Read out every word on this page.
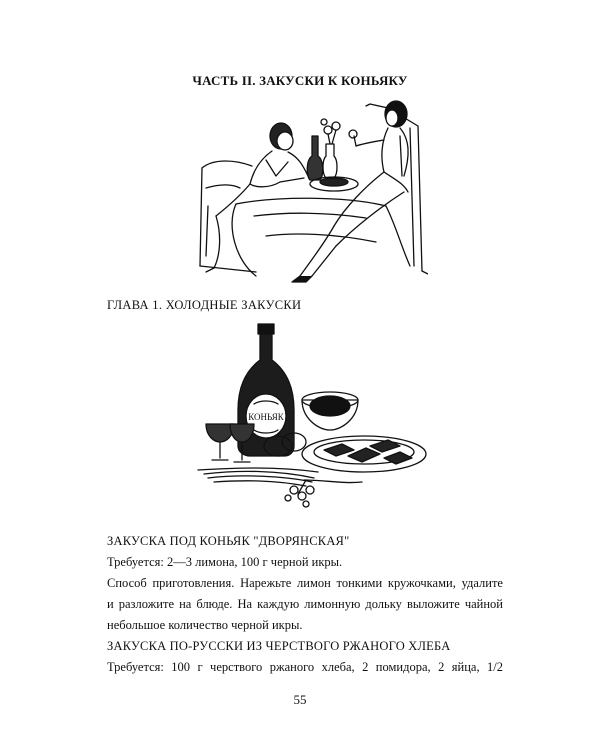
ЧАСТЬ II. ЗАКУСКИ К КОНЬЯКУ
ГЛАВА 1. ХОЛОДНЫЕ ЗАКУСКИ
КОНЬЯК
ЗАКУСКА ПОД КОНЬЯК "ДВОРЯНСКАЯ"
Требуется: 2—3 лимона, 100 г черной икры.
Способ приготовления. Нарежьте лимон тонкими кружочками, удалите
и разложите на блюде. На каждую лимонную дольку выложите чайной
небольшое количество черной икры.
ЗАКУСКА ПО-РУССКИ ИЗ ЧЕРСТВОГО РЖАНОГО ХЛЕБА
Требуется: 100 г черствого ржаного хлеба, 2 помидора, 2 яйца, 1/2
55
